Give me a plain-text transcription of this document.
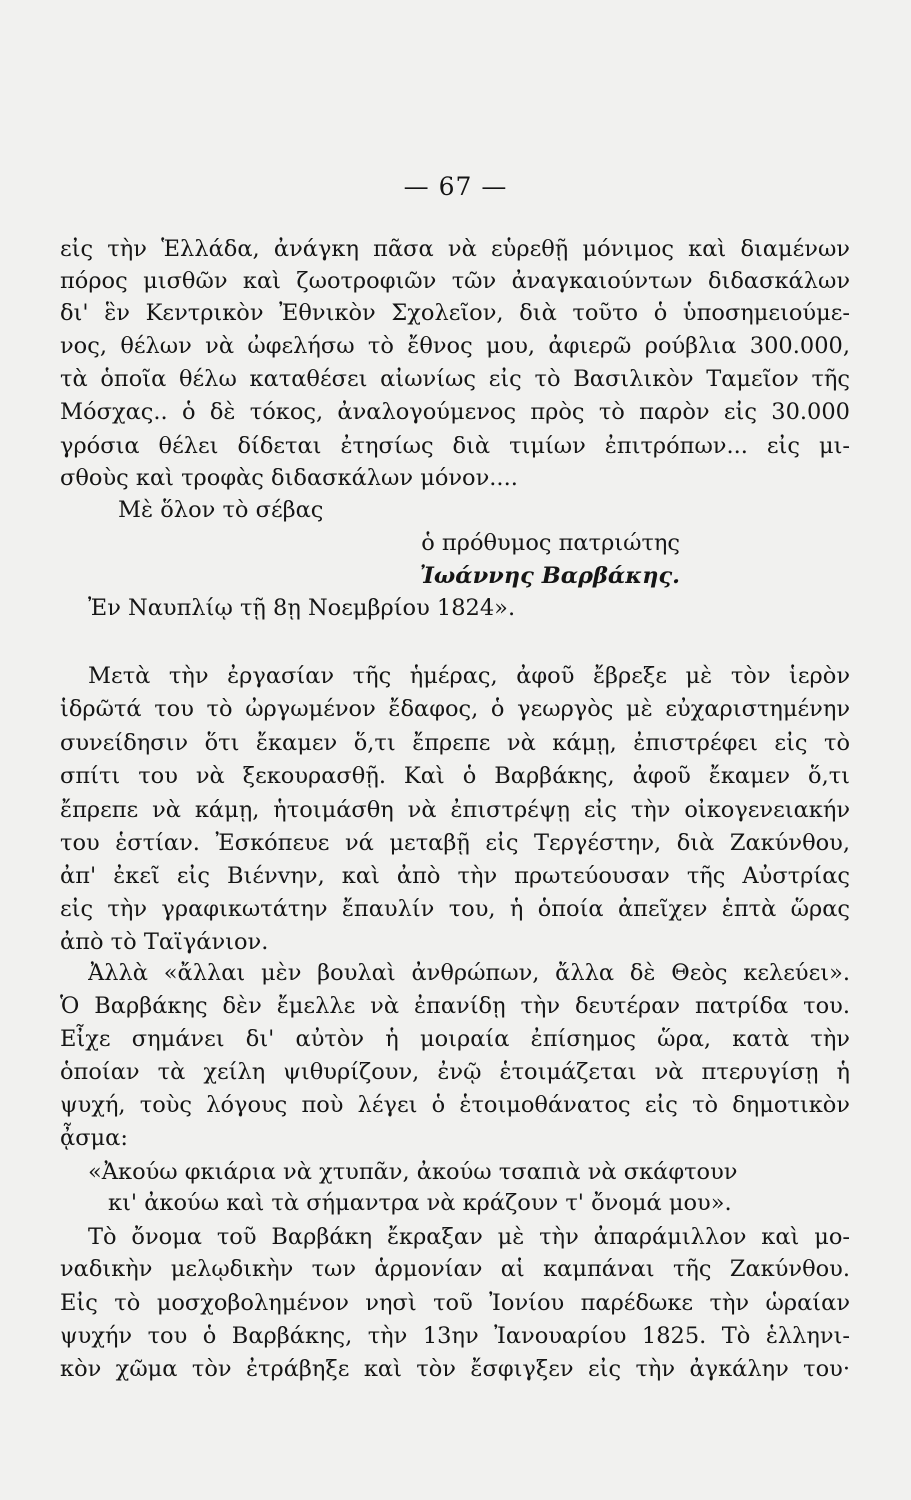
— 67 —
εἰς τὴν Ἑλλάδα, ἀνάγκη πᾶσα νὰ εὑρεθῇ μόνιμος καὶ διαμένων
πόρος μισθῶν καὶ ζωοτροφιῶν τῶν ἀναγκαιούντων διδασκάλων
δι' ἓν Κεντρικὸν Ἐθνικὸν Σχολεῖον, διὰ τοῦτο ὁ ὑποσημειούμε-
νος, θέλων νὰ ὠφελήσω τὸ ἔθνος μου, ἀφιερῶ ρούβλια 300.000,
τὰ ὁποῖα θέλω καταθέσει αἰωνίως εἰς τὸ Βασιλικὸν Ταμεῖον τῆς
Μόσχας.. ὁ δὲ τόκος, ἀναλογούμενος πρὸς τὸ παρὸν εἰς 30.000
γρόσια θέλει δίδεται ἐτησίως διὰ τιμίων ἐπιτρόπων... εἰς μι-
σθοὺς καὶ τροφὰς διδασκάλων μόνον....
Μὲ ὅλον τὸ σέβας
ὁ πρόθυμος πατριώτης
Ἰωάννης Βαρβάκης.
Ἐν Ναυπλίῳ τῇ 8ῃ Νοεμβρίου 1824».
Μετὰ τὴν ἐργασίαν τῆς ἡμέρας, ἀφοῦ ἔβρεξε μὲ τὸν ἱερὸν
ἱδρῶτά του τὸ ὠργωμένον ἔδαφος, ὁ γεωργὸς μὲ εὐχαριστημένην
συνείδησιν ὅτι ἔκαμεν ὅ,τι ἔπρεπε νὰ κάμῃ, ἐπιστρέφει εἰς τὸ
σπίτι του νὰ ξεκουρασθῇ. Καὶ ὁ Βαρβάκης, ἀφοῦ ἔκαμεν ὅ,τι
ἔπρεπε νὰ κάμῃ, ἡτοιμάσθη νὰ ἐπιστρέψῃ εἰς τὴν οἰκογενειακήν
του ἑστίαν. Ἐσκόπευε νά μεταβῇ εἰς Τεργέστην, διὰ Ζακύνθου,
ἀπ' ἐκεῖ εἰς Βιένvην, καὶ ἀπὸ τὴν πρωτεύουσαν τῆς Αὐστρίας
εἰς τὴν γραφικωτάτην ἔπαυλίν του, ἡ ὁποία ἀπεῖχεν ἑπτὰ ὥρας
ἀπὸ τὸ Ταϊγάνιον.
Ἀλλὰ «ἄλλαι μὲν βουλαὶ ἀνθρώπων, ἄλλα δὲ Θεὸς κελεύει».
Ὁ Βαρβάκης δὲν ἔμελλε νὰ ἐπανίδῃ τὴν δευτέραν πατρίδα του.
Εἶχε σημάνει δι' αὐτὸν ἡ μοιραία ἐπίσημος ὥρα, κατὰ τὴν
ὁποίαν τὰ χείλη ψιθυρίζουν, ἐνῷ ἑτοιμάζεται νὰ πτερυγίσῃ ἡ
ψυχή, τοὺς λόγους ποὺ λέγει ὁ ἑτοιμοθάνατος εἰς τὸ δημοτικὸν
ᾆσμα:
«Ἀκούω φκιάρια νὰ χτυπᾶν, ἀκούω τσαπιὰ νὰ σκάφτουν
κι' ἀκούω καὶ τὰ σήμαντρα νὰ κράζουν τ' ὄνομά μου».
Τὸ ὄνομα τοῦ Βαρβάκη ἔκραξαν μὲ τὴν ἀπαράμιλλον καὶ μο-
ναδικὴν μελῳδικὴν των ἁρμονίαν αἱ καμπάναι τῆς Ζακύνθου.
Εἰς τὸ μοσχοβολημένον νησὶ τοῦ Ἰονίου παρέδωκε τὴν ὡραίαν
ψυχήν του ὁ Βαρβάκης, τὴν 13ην Ἰανουαρίου 1825. Τὸ ἑλληνι-
κὸν χῶμα τὸν ἐτράβηξε καὶ τὸν ἔσφιγξεν εἰς τὴν ἀγκάλην του·
